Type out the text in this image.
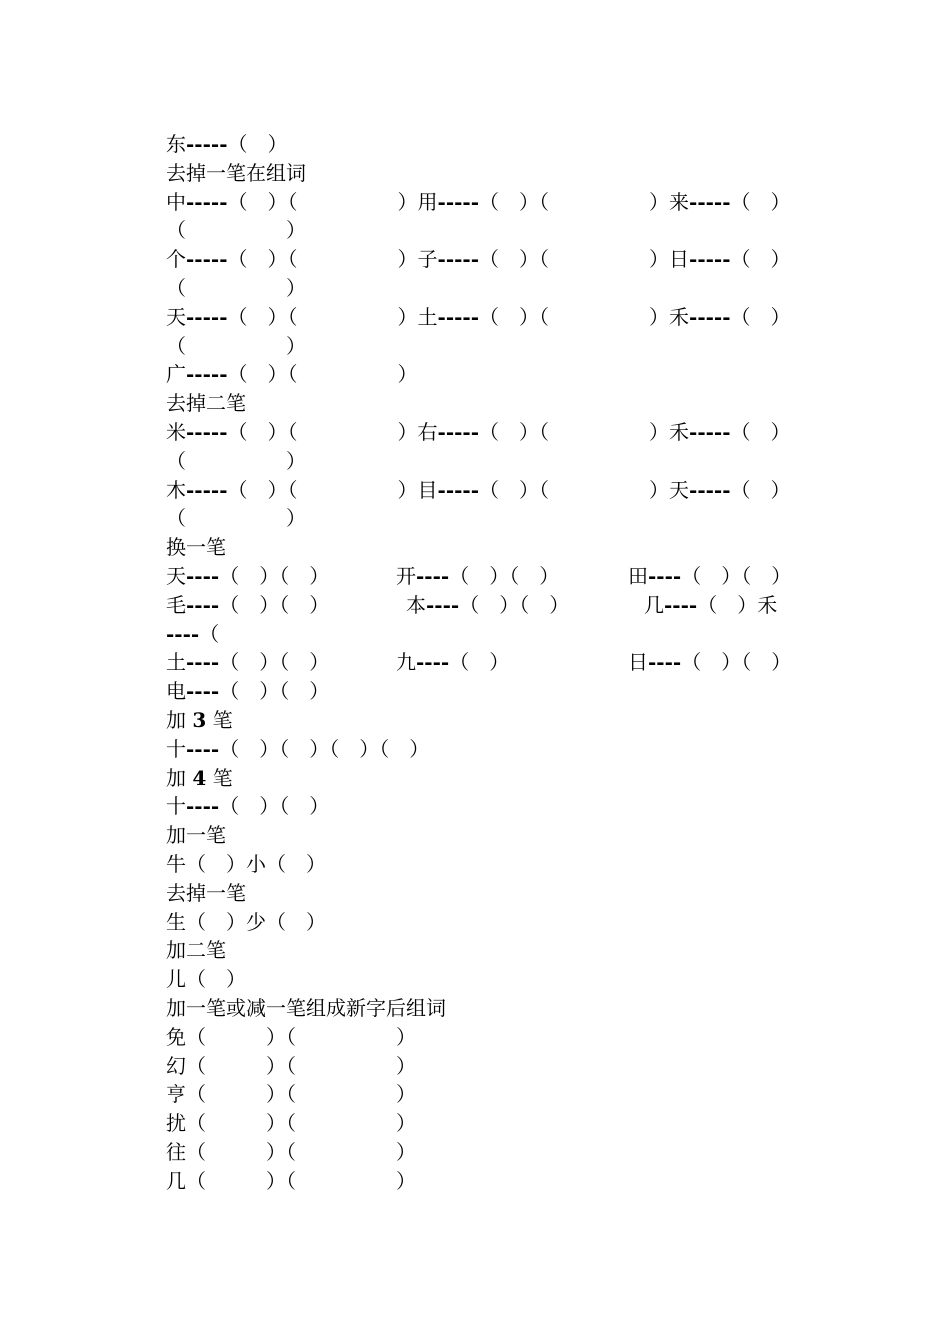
东-----（　）
去掉一笔在组词
中-----（　）（　　　　　）用-----（　）（　　　　　）来-----（　）
（　　　　　）
个-----（　）（　　　　　）子-----（　）（　　　　　）日-----（　）
（　　　　　）
天-----（　）（　　　　　）土-----（　）（　　　　　）禾-----（　）
（　　　　　）
广-----（　）（　　　　　）
去掉二笔
米-----（　）（　　　　　）右-----（　）（　　　　　）禾-----（　）
（　　　　　）
木-----（　）（　　　　　）目-----（　）（　　　　　）天-----（　）
（　　　　　）
换一笔
天----（　）（　）	开----（　）（　）	田----（　）（　）
毛----（　）（　）	本----（　）（　）	几----（　）禾
----（
土----（　）（　）	九----（　）	日----（　）（　）
电----（　）（　）
加 3 笔
十----（　）（　）（　）（　）
加 4 笔
十----（　）（　）
加一笔
牛（　）小（　）
去掉一笔
生（　）少（　）
加二笔
儿（　）
加一笔或减一笔组成新字后组词
免（　　　）（　　　　　）
幻（　　　）（　　　　　）
亨（　　　）（　　　　　）
扰（　　　）（　　　　　）
往（　　　）（　　　　　）
几（　　　）（　　　　　）
